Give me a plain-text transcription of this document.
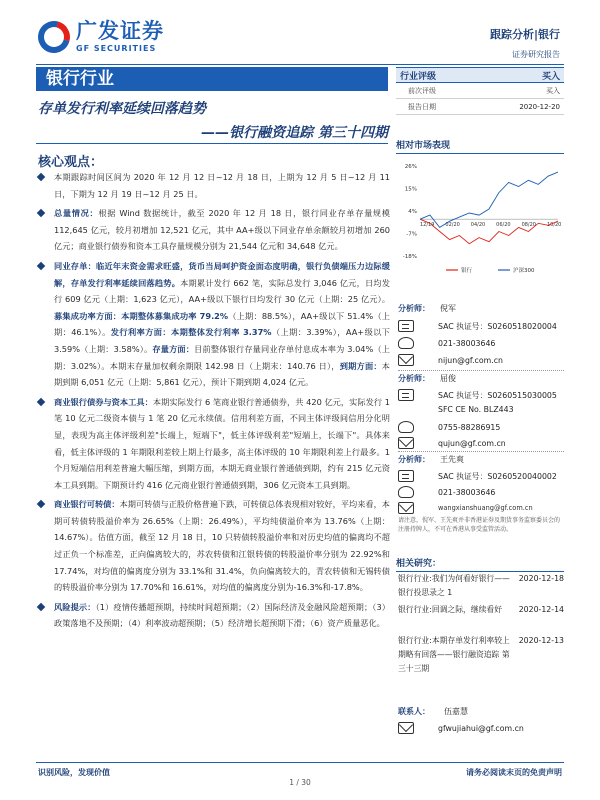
广发证券
GF SECURITIES
跟踪分析|银行
证券研究报告
银行行业
存单发行利率延续回落趋势
——银行融资追踪 第三十四期
核心观点：
本期跟踪时间区间为 2020 年 12 月 12 日~12 月 18 日，上期为 12 月 5 日~12 月 11 日，下期为 12 月 19 日~12 月 25 日。
总量情况：根据 Wind 数据统计，截至 2020 年 12 月 18 日，银行同业存单存量规模 112,645 亿元，较月初增加 12,521 亿元，其中 AA+级以下同业存单余额较月初增加 260 亿元；商业银行债券和资本工具存量规模分别为 21,544 亿元和 34,648 亿元。
同业存单：临近年末资金需求旺盛，货币当局呵护资金面态度明确，银行负债端压力边际缓解，存单发行利率延续回落趋势。本期累计发行 662 笔，实际总发行 3,046 亿元，日均发行 609 亿元（上期：1,623 亿元），AA+级以下银行日均发行 30 亿元（上期：25 亿元）。募集成功率方面：本期整体募集成功率 79.2%（上期：88.5%），AA+级以下 51.4%（上期：46.1%）。发行利率方面：本期整体发行利率 3.37%（上期：3.39%），AA+级以下 3.59%（上期：3.58%）。存量方面：目前整体银行存量同业存单付息成本率为 3.04%（上期：3.02%）。本期末存量加权剩余期限 142.98 日（上期末：140.76 日），到期方面：本期到期 6,051 亿元（上期：5,861 亿元），预计下期到期 4,024 亿元。
商业银行债券与资本工具：本期实际发行 6 笔商业银行普通债券，共 420 亿元，实际发行 1 笔 10 亿元二级资本债与 1 笔 20 亿元永续债。信用利差方面，不同主体评级间信用分化明显，表现为高主体评级利差"长端上，短端下"，低主体评级利差"短端上，长端下"。具体来看，低主体评级的 1 年期限利差较上期上行最多，高主体评级的 10 年期限利差上行最多。1 个月短端信用利差普遍大幅压缩，到期方面，本期无商业银行普通债到期，约有 215 亿元资本工具到期。下期预计约 416 亿元商业银行普通债到期，306 亿元资本工具到期。
商业银行可转债：本期可转债与正股价格普遍下跌，可转债总体表现相对较好，平均来看，本期可转债转股溢价率为 26.65%（上期：26.49%），平均纯债溢价率为 13.76%（上期：14.67%）。估值方面，截至 12 月 18 日，10 只转债转股溢价率和对历史均值的偏离均不超过正负一个标准差，正向偏离较大的，苏农转债和江银转债的转股溢价率分别为 22.92%和 17.74%，对均值的偏离度分别为 33.1%和 31.4%，负向偏离较大的，青农转债和无锡转债的转股溢价率分别为 17.70%和 16.61%，对均值的偏离度分别为-16.3%和-17.8%。
风险提示：（1）疫情传播超预期，持续时间超预期；（2）国际经济及金融风险超预期；（3）政策落地不及预期；（4）利率波动超预期；（5）经济增长超预期下滑；（6）资产质量恶化。
行业评级	买入
前次评级	买入
报告日期	2020-12-20
相对市场表现
26%
15%
4%
-7%
-18%
12/19 02/20 04/20 06/20 08/20 10/20
银行	沪深300
分析师： 倪军
SAC 执证号：S0260518020004
021-38003646
nijun@gf.com.cn
分析师： 屈俊
SAC 执证号：S0260515030005
SFC CE No. BLZ443
0755-88286915
qujun@gf.com.cn
分析师： 王先爽
SAC 执证号：S0260520040002
021-38003646
wangxianshuang@gf.com.cn
请注意，倪军、王先爽并非香港证券及期货事务监察委员会的注册持牌人，不可在香港从事受监管活动。
相关研究：
银行行业:我们为何看好银行——银行投思录之 1
2020-12-18
银行行业:回调之际，继续看好	2020-12-14
银行行业:本期存单发行利率较上期略有回落——银行融资追踪 第三十三期
2020-12-13
联系人： 伍嘉慧
gfwujiahui@gf.com.cn
识别风险，发现价值
1 / 30
请务必阅读末页的免责声明
